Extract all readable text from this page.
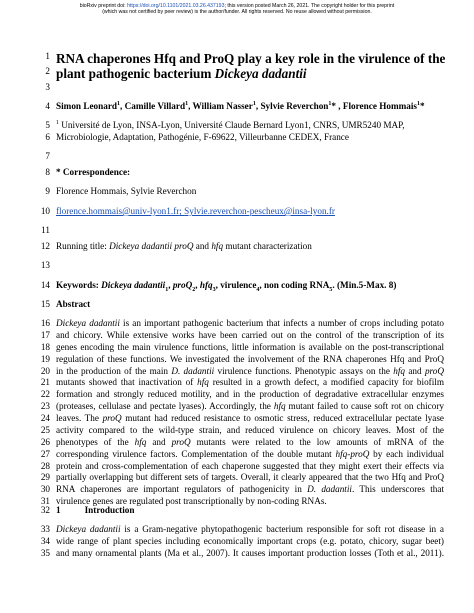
bioRxiv preprint doi: https://doi.org/10.1101/2021.03.26.437193; this version posted March 26, 2021. The copyright holder for this preprint
(which was not certified by peer review) is the author/funder. All rights reserved. No reuse allowed without permission.
1
2
3
4
5
6
7
8
9
10
11
12
13
14
15
16
17
18
19
20
21
22
23
24
25
26
27
28
29
30
31
32
33
34
35
RNA chaperones Hfq and ProQ play a key role in the virulence of the
plant pathogenic bacterium Dickeya dadantii
Simon Leonard$^1$, Camille Villard$^1$, William Nasser$^1$, Sylvie Reverchon$^1$* , Florence Hommais$^1$*
$^1$ Université de Lyon, INSA-Lyon, Université Claude Bernard Lyon1, CNRS, UMR5240 MAP,
Microbiologie, Adaptation, Pathogénie, F-69622, Villeurbanne CEDEX, France
* Correspondence:
Florence Hommais, Sylvie Reverchon
florence.hommais@univ-lyon1.fr; Sylvie.reverchon-pescheux@insa-lyon.fr
Running title: Dickeya dadantii proQ and hfq mutant characterization
Keywords: Dickeya dadantii$_1$, proQ$_2$, hfq$_3$, virulence$_4$, non coding $RNA_5$. (Min.5-Max. 8)
Abstract
Dickeya dadantii is an important pathogenic bacterium that infects a number of crops including potato
and chicory. While extensive works have been carried out on the control of the transcription of its
genes encoding the main virulence functions, little information is available on the post-transcriptional
regulation of these functions. We investigated the involvement of the RNA chaperones Hfq and ProQ
in the production of the main D. dadantii virulence functions. Phenotypic assays on the hfq and proQ
mutants showed that inactivation of hfq resulted in a growth defect, a modified capacity for biofilm
formation and strongly reduced motility, and in the production of degradative extracellular enzymes
(proteases, cellulase and pectate lyases). Accordingly, the hfq mutant failed to cause soft rot on chicory
leaves. The proQ mutant had reduced resistance to osmotic stress, reduced extracellular pectate lyase
activity compared to the wild-type strain, and reduced virulence on chicory leaves. Most of the
phenotypes of the hfq and proQ mutants were related to the low amounts of mRNA of the
corresponding virulence factors. Complementation of the double mutant hfq-proQ by each individual
protein and cross-complementation of each chaperone suggested that they might exert their effects via
partially overlapping but different sets of targets. Overall, it clearly appeared that the two Hfq and ProQ
RNA chaperones are important regulators of pathogenicity in D. dadantii. This underscores that
virulence genes are regulated post transcriptionally by non-coding RNAs.
1	Introduction
Dickeya dadantii is a Gram-negative phytopathogenic bacterium responsible for soft rot disease in a
wide range of plant species including economically important crops (e.g. potato, chicory, sugar beet)
and many ornamental plants (Ma et al., 2007). It causes important production losses (Toth et al., 2011).
